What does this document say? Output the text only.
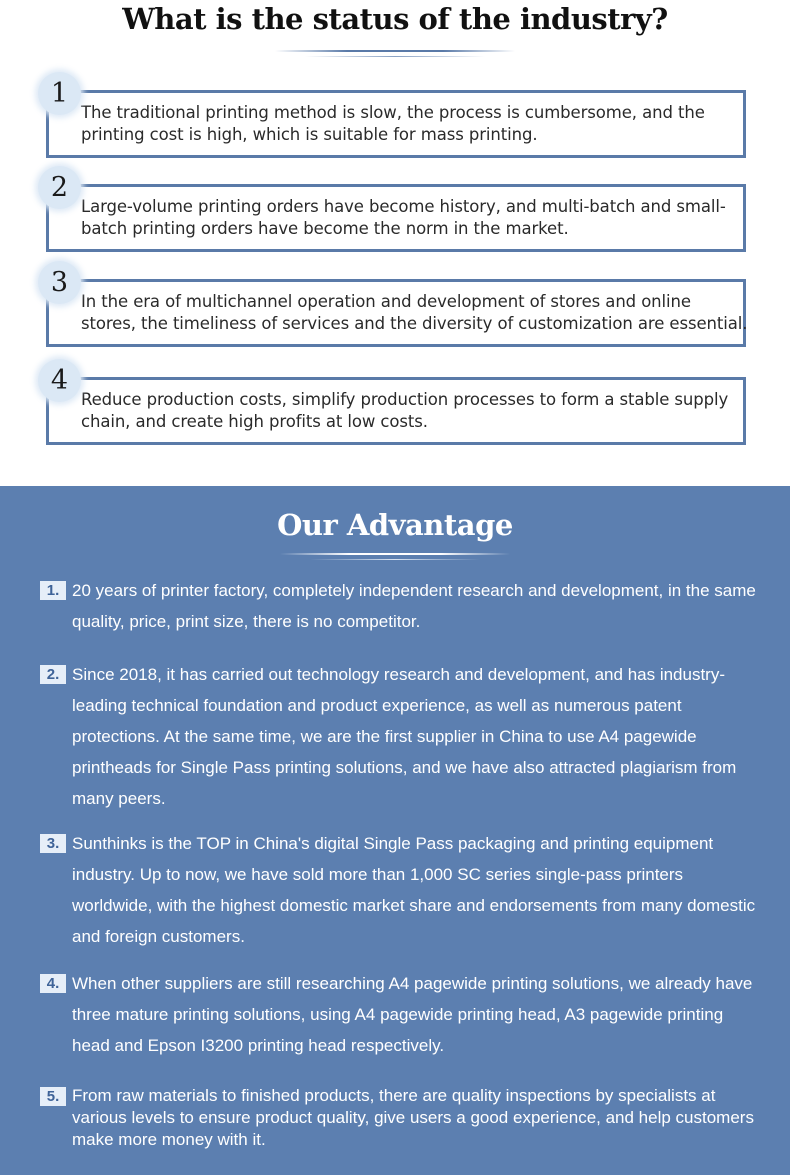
What is the status of the industry?
The traditional printing method is slow, the process is cumbersome, and the printing cost is high, which is suitable for mass printing.
1
Large-volume printing orders have become history, and multi-batch and small-batch printing orders have become the norm in the market.
2
In the era of multichannel operation and development of stores and online stores, the timeliness of services and the diversity of customization are essential.
3
Reduce production costs, simplify production processes to form a stable supply chain, and create high profits at low costs.
4
Our Advantage
1. 20 years of printer factory, completely independent research and development, in the same quality, price, print size, there is no competitor.
2. Since 2018, it has carried out technology research and development, and has industry-leading technical foundation and product experience, as well as numerous patent protections. At the same time, we are the first supplier in China to use A4 pagewide printheads for Single Pass printing solutions, and we have also attracted plagiarism from many peers.
3. Sunthinks is the TOP in China's digital Single Pass packaging and printing equipment industry. Up to now, we have sold more than 1,000 SC series single-pass printers worldwide, with the highest domestic market share and endorsements from many domestic and foreign customers.
4. When other suppliers are still researching A4 pagewide printing solutions, we already have three mature printing solutions, using A4 pagewide printing head, A3 pagewide printing head and Epson I3200 printing head respectively.
5. From raw materials to finished products, there are quality inspections by specialists at various levels to ensure product quality, give users a good experience, and help customers make more money with it.
